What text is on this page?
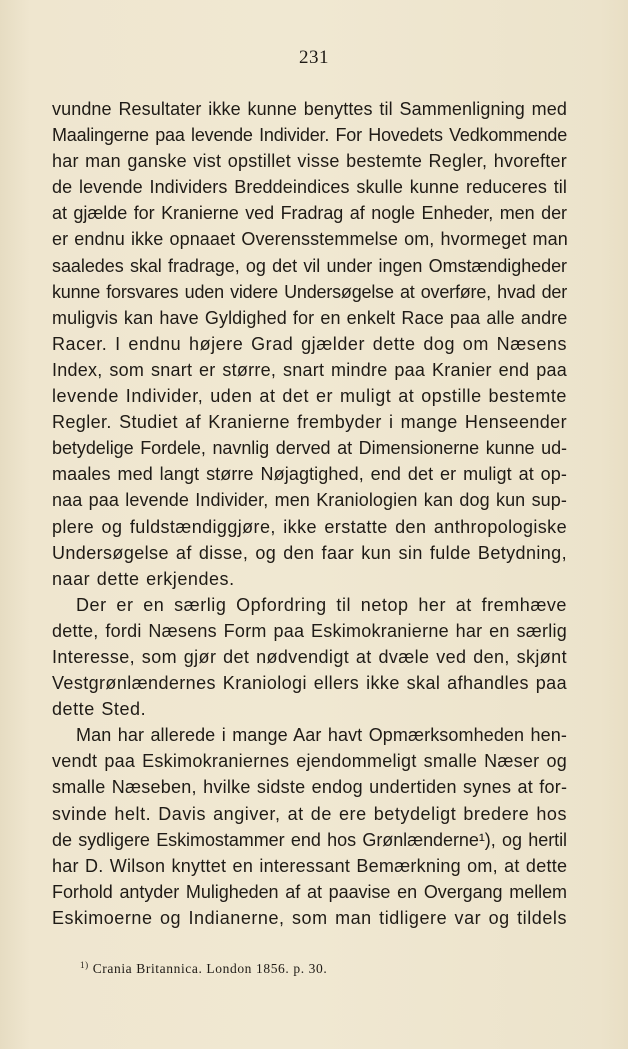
231
vundne Resultater ikke kunne benyttes til Sammenligning med
Maalingerne paa levende Individer. For Hovedets Vedkommende
har man ganske vist opstillet visse bestemte Regler, hvorefter
de levende Individers Breddeindices skulle kunne reduceres til
at gjælde for Kranierne ved Fradrag af nogle Enheder, men der
er endnu ikke opnaaet Overensstemmelse om, hvormeget man
saaledes skal fradrage, og det vil under ingen Omstændigheder
kunne forsvares uden videre Undersøgelse at overføre, hvad der
muligvis kan have Gyldighed for en enkelt Race paa alle andre
Racer. I endnu højere Grad gjælder dette dog om Næsens
Index, som snart er større, snart mindre paa Kranier end paa
levende Individer, uden at det er muligt at opstille bestemte
Regler. Studiet af Kranierne frembyder i mange Henseender
betydelige Fordele, navnlig derved at Dimensionerne kunne ud-
maales med langt større Nøjagtighed, end det er muligt at op-
naa paa levende Individer, men Kraniologien kan dog kun sup-
plere og fuldstændiggjøre, ikke erstatte den anthropologiske
Undersøgelse af disse, og den faar kun sin fulde Betydning,
naar dette erkjendes.
Der er en særlig Opfordring til netop her at fremhæve
dette, fordi Næsens Form paa Eskimokranierne har en særlig
Interesse, som gjør det nødvendigt at dvæle ved den, skjønt
Vestgrønlændernes Kraniologi ellers ikke skal afhandles paa
dette Sted.
Man har allerede i mange Aar havt Opmærksomheden hen-
vendt paa Eskimokraniernes ejendommeligt smalle Næser og
smalle Næseben, hvilke sidste endog undertiden synes at for-
svinde helt. Davis angiver, at de ere betydeligt bredere hos
de sydligere Eskimostammer end hos Grønlænderne¹), og hertil
har D. Wilson knyttet en interessant Bemærkning om, at dette
Forhold antyder Muligheden af at paavise en Overgang mellem
Eskimoerne og Indianerne, som man tidligere var og tildels
$^{1)}$ Crania Britannica. London 1856. p. 30.
